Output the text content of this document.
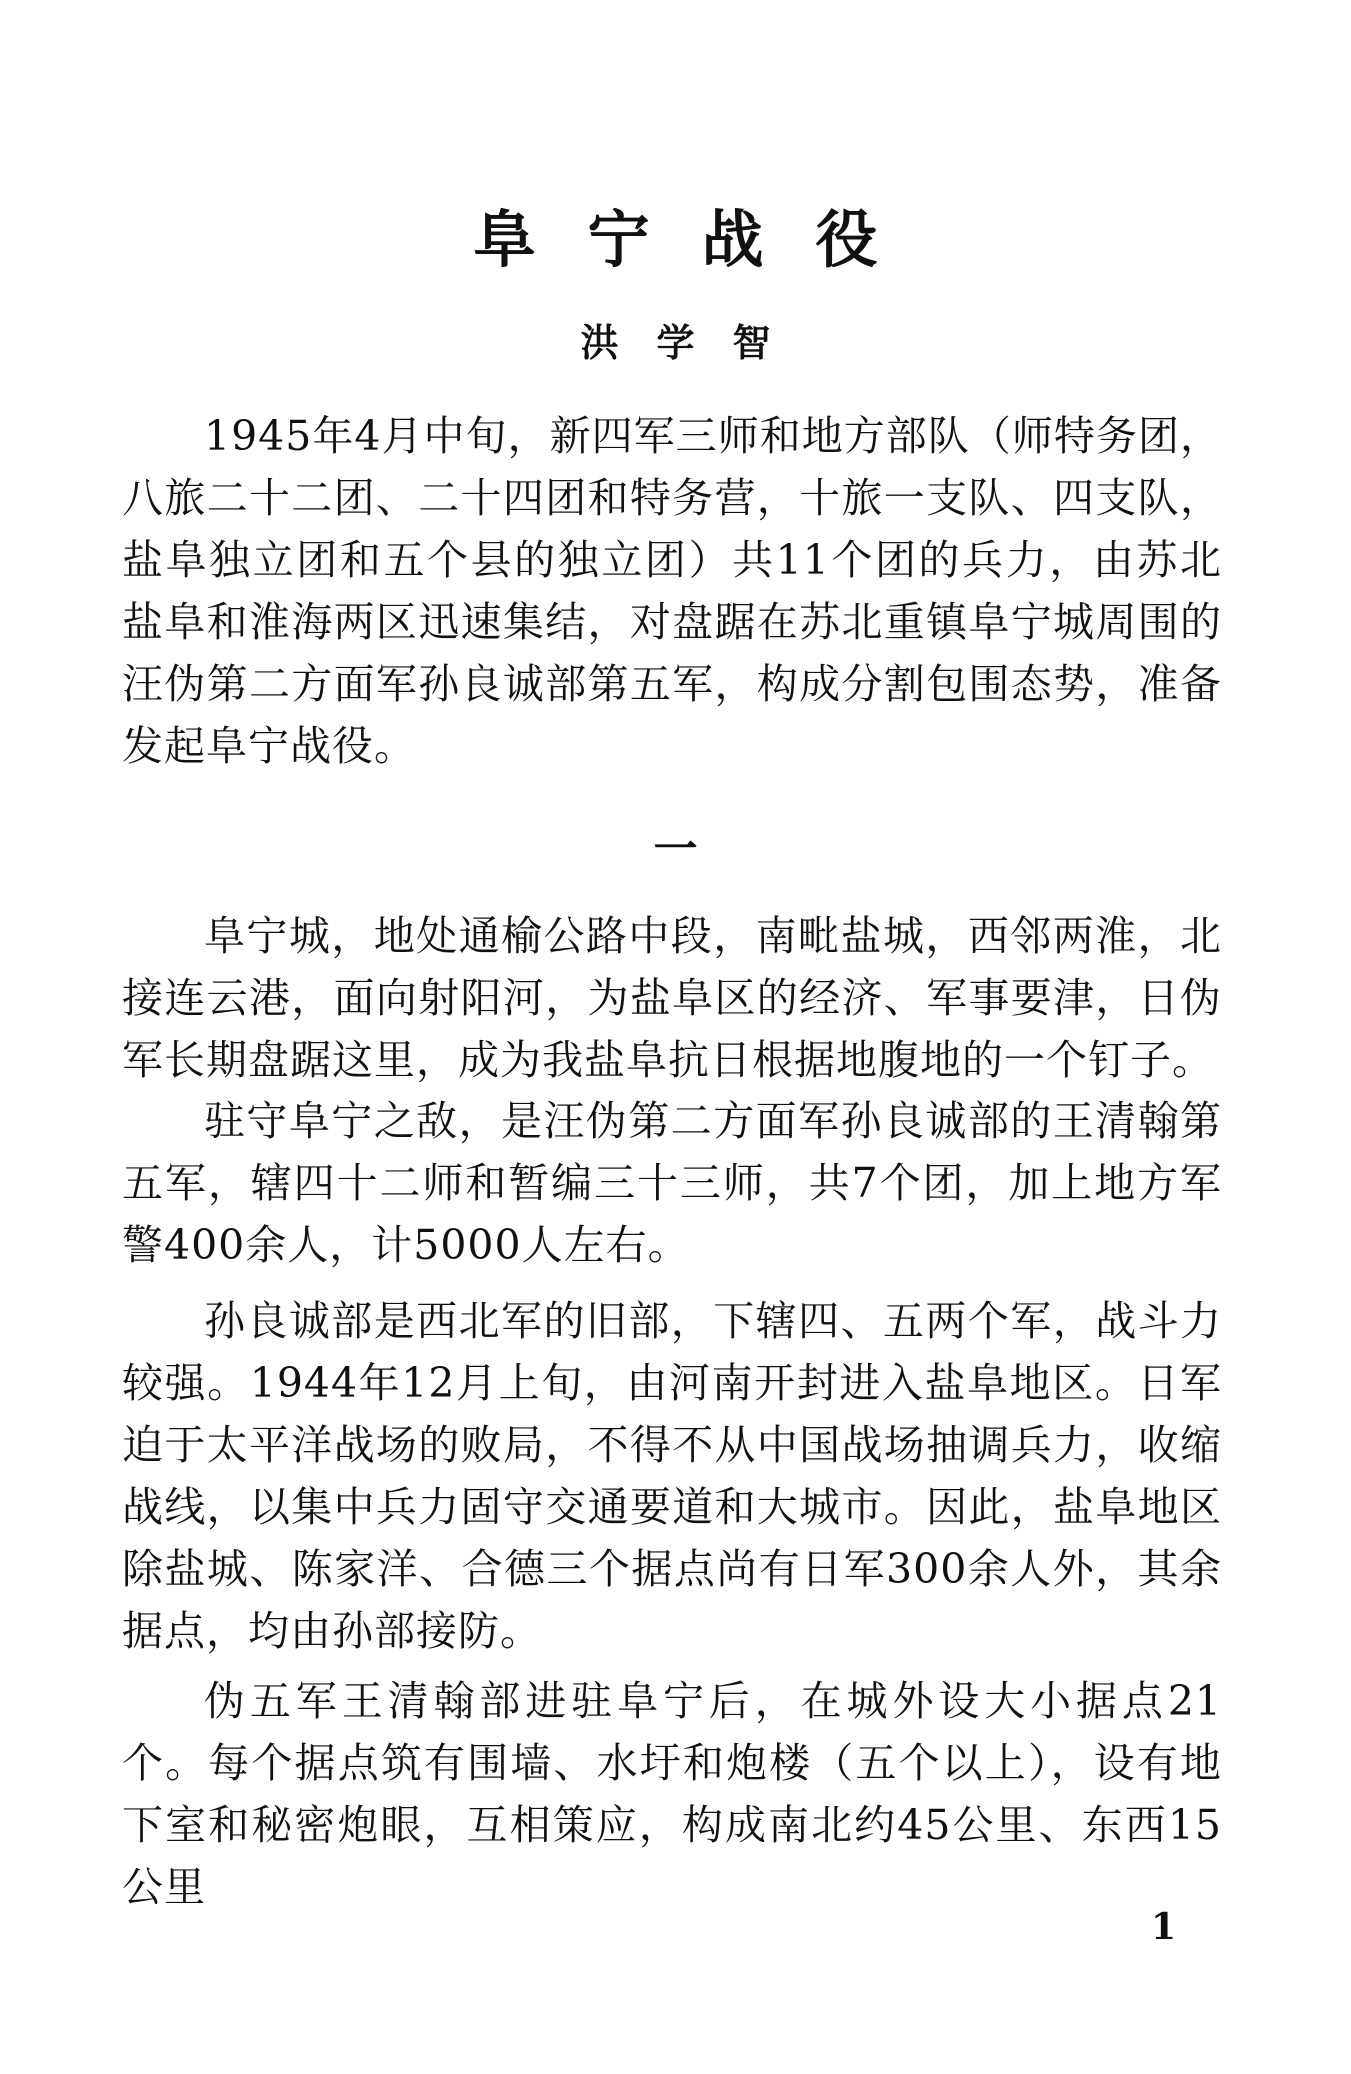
阜宁战役
洪学智

1945年4月中旬，新四军三师和地方部队（师特务团，八旅二十二团、二十四团和特务营，十旅一支队、四支队，盐阜独立团和五个县的独立团）共11个团的兵力，由苏北盐阜和淮海两区迅速集结，对盘踞在苏北重镇阜宁城周围的汪伪第二方面军孙良诚部第五军，构成分割包围态势，准备发起阜宁战役。

一

阜宁城，地处通榆公路中段，南毗盐城，西邻两淮，北接连云港，面向射阳河，为盐阜区的经济、军事要津，日伪军长期盘踞这里，成为我盐阜抗日根据地腹地的一个钉子。

驻守阜宁之敌，是汪伪第二方面军孙良诚部的王清翰第五军，辖四十二师和暂编三十三师，共7个团，加上地方军警400余人，计5000人左右。

孙良诚部是西北军的旧部，下辖四、五两个军，战斗力较强。1944年12月上旬，由河南开封进入盐阜地区。日军迫于太平洋战场的败局，不得不从中国战场抽调兵力，收缩战线，以集中兵力固守交通要道和大城市。因此，盐阜地区除盐城、陈家洋、合德三个据点尚有日军300余人外，其余据点，均由孙部接防。

伪五军王清翰部进驻阜宁后，在城外设大小据点21个。每个据点筑有围墙、水圩和炮楼（五个以上），设有地下室和秘密炮眼，互相策应，构成南北约45公里、东西15公里

1
